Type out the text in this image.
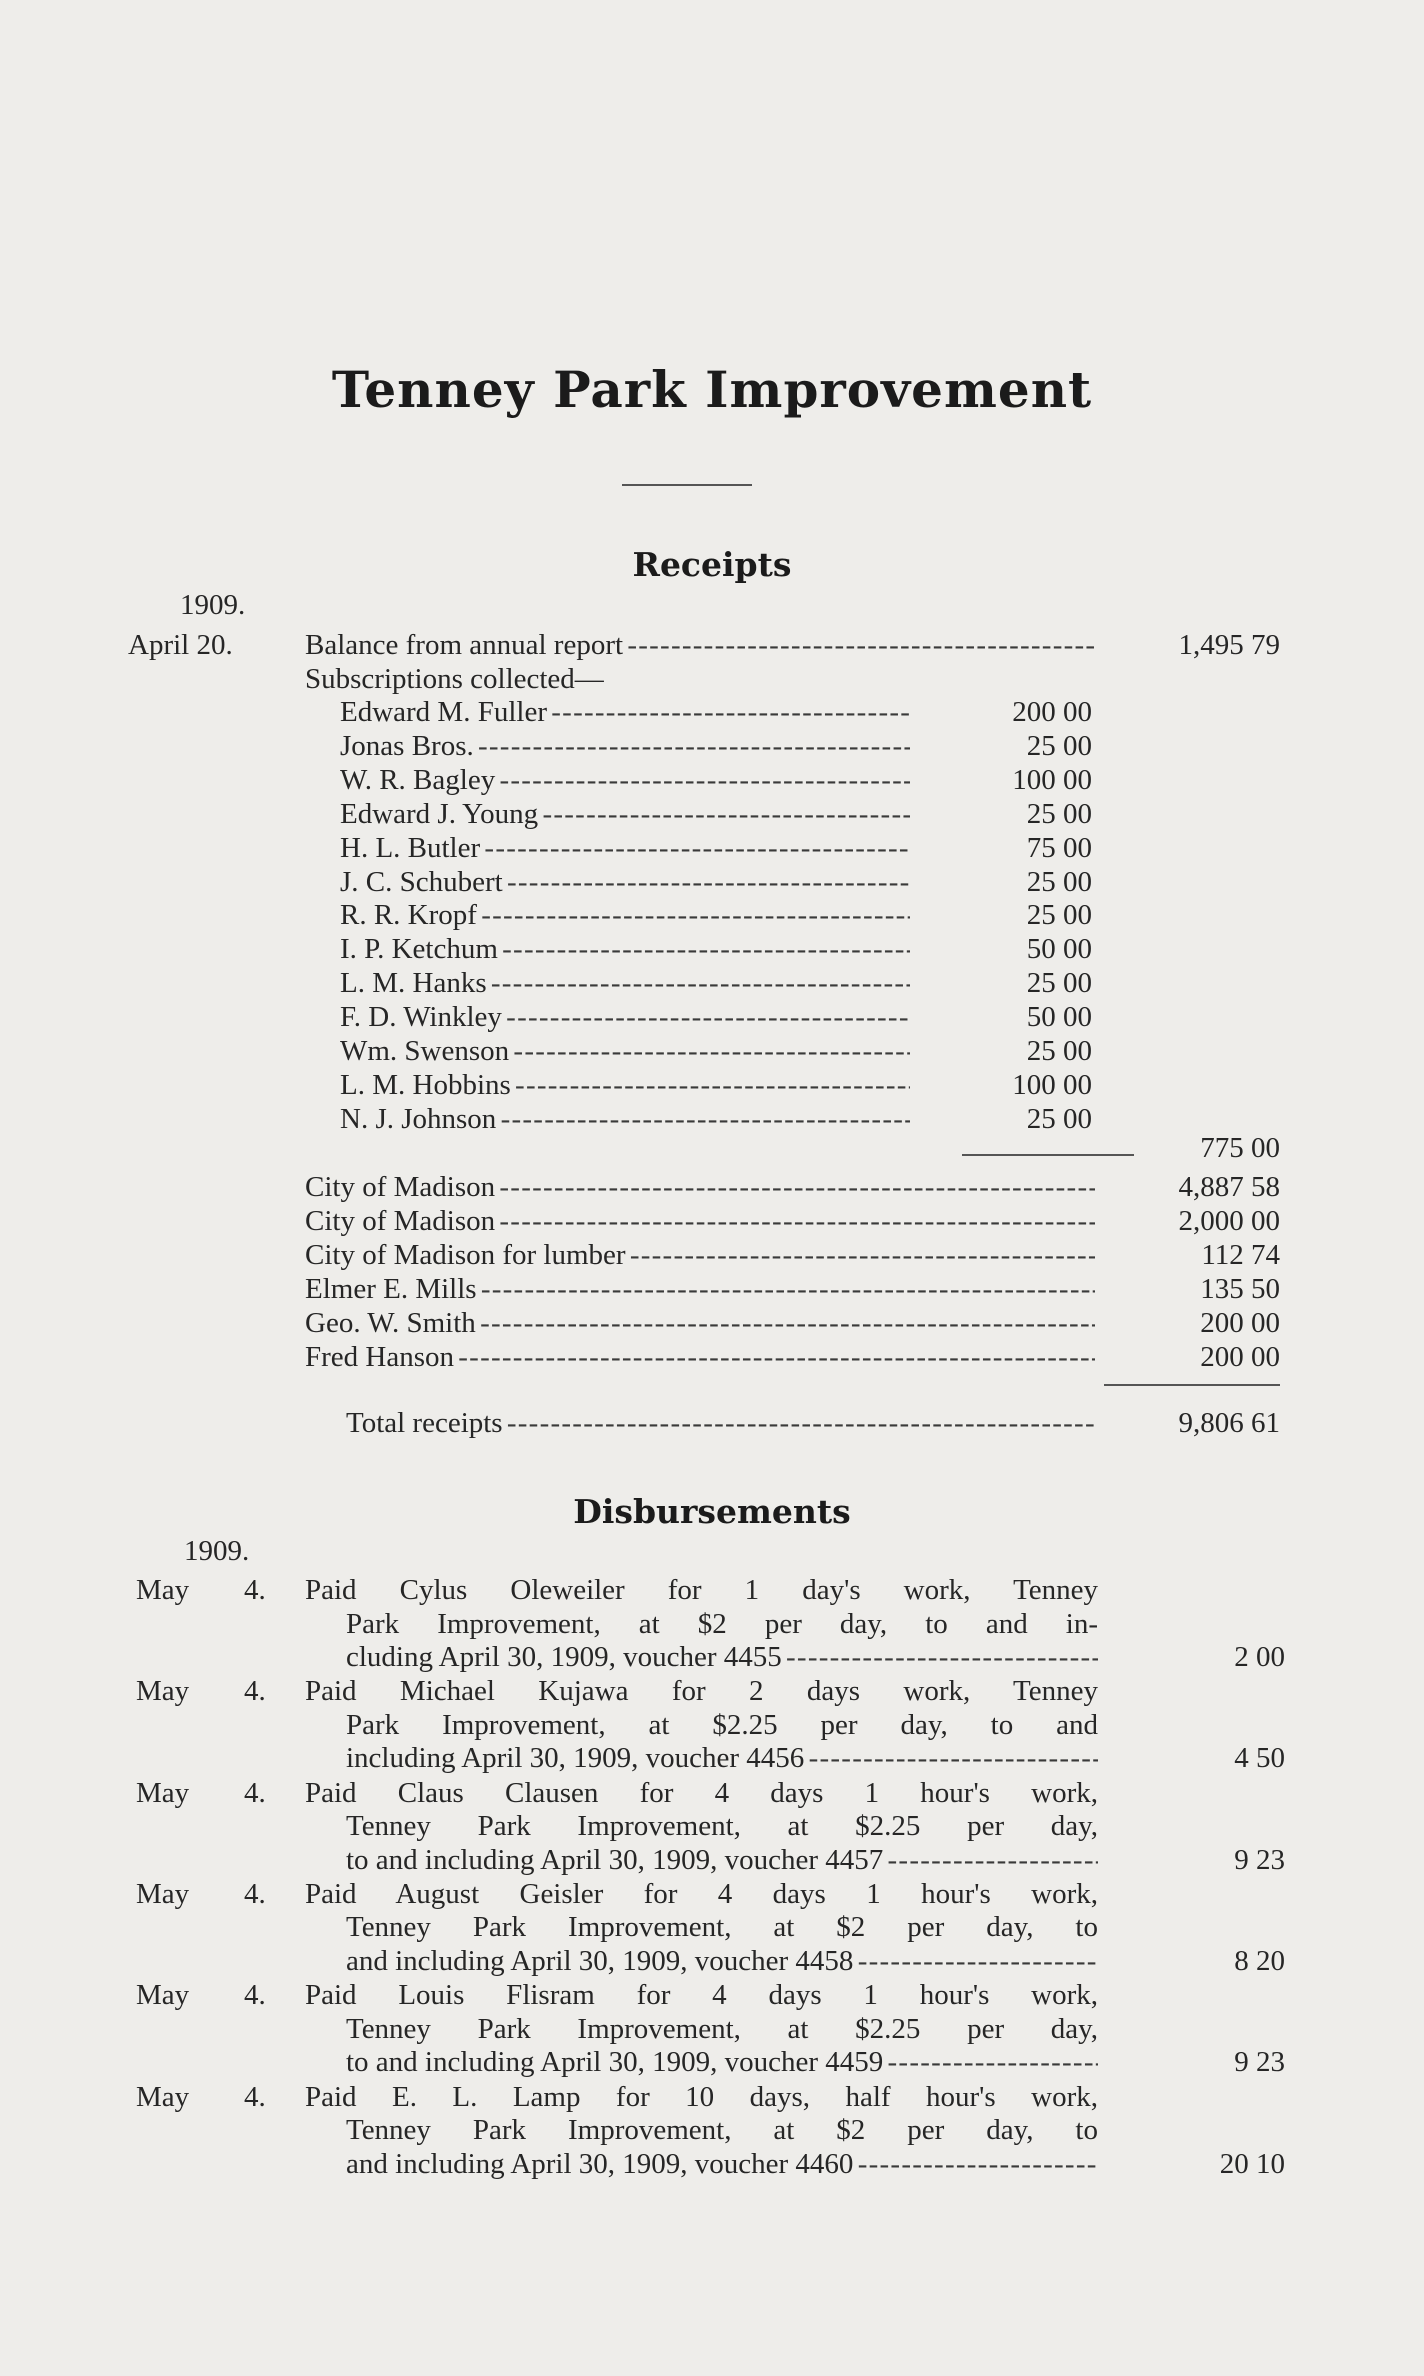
Tenney Park Improvement
Receipts
1909.
April 20. Balance from annual report - - -	1,495 79
Subscriptions collected—
Edward M. Fuller - - -	200 00
Jonas Bros. - - -	25 00
W. R. Bagley - - -	100 00
Edward J. Young - - -	25 00
H. L. Butler - - -	75 00
J. C. Schubert - - -	25 00
R. R. Kropf - - -	25 00
I. P. Ketchum - - -	50 00
L. M. Hanks - - -	25 00
F. D. Winkley - - -	50 00
Wm. Swenson - - -	25 00
L. M. Hobbins - - -	100 00
N. J. Johnson - - -	25 00
775 00
City of Madison - - -	4,887 58
City of Madison - - -	2,000 00
City of Madison for lumber - - -	112 74
Elmer E. Mills - - -	135 50
Geo. W. Smith - - -	200 00
Fred Hanson - - -	200 00
Total receipts - - -	9,806 61
Disbursements
1909.
May 4. Paid Cylus Oleweiler for 1 day's work, Tenney
Park Improvement, at $2 per day, to and in-
cluding April 30, 1909, voucher 4455 - - -	2 00
May 4. Paid Michael Kujawa for 2 days work, Tenney
Park Improvement, at $2.25 per day, to and
including April 30, 1909, voucher 4456 - - -	4 50
May 4. Paid Claus Clausen for 4 days 1 hour's work,
Tenney Park Improvement, at $2.25 per day,
to and including April 30, 1909, voucher 4457 - - -	9 23
May 4. Paid August Geisler for 4 days 1 hour's work,
Tenney Park Improvement, at $2 per day, to
and including April 30, 1909, voucher 4458 - - -	8 20
May 4. Paid Louis Flisram for 4 days 1 hour's work,
Tenney Park Improvement, at $2.25 per day,
to and including April 30, 1909, voucher 4459 - - -	9 23
May 4. Paid E. L. Lamp for 10 days, half hour's work,
Tenney Park Improvement, at $2 per day, to
and including April 30, 1909, voucher 4460 - - -	20 10
